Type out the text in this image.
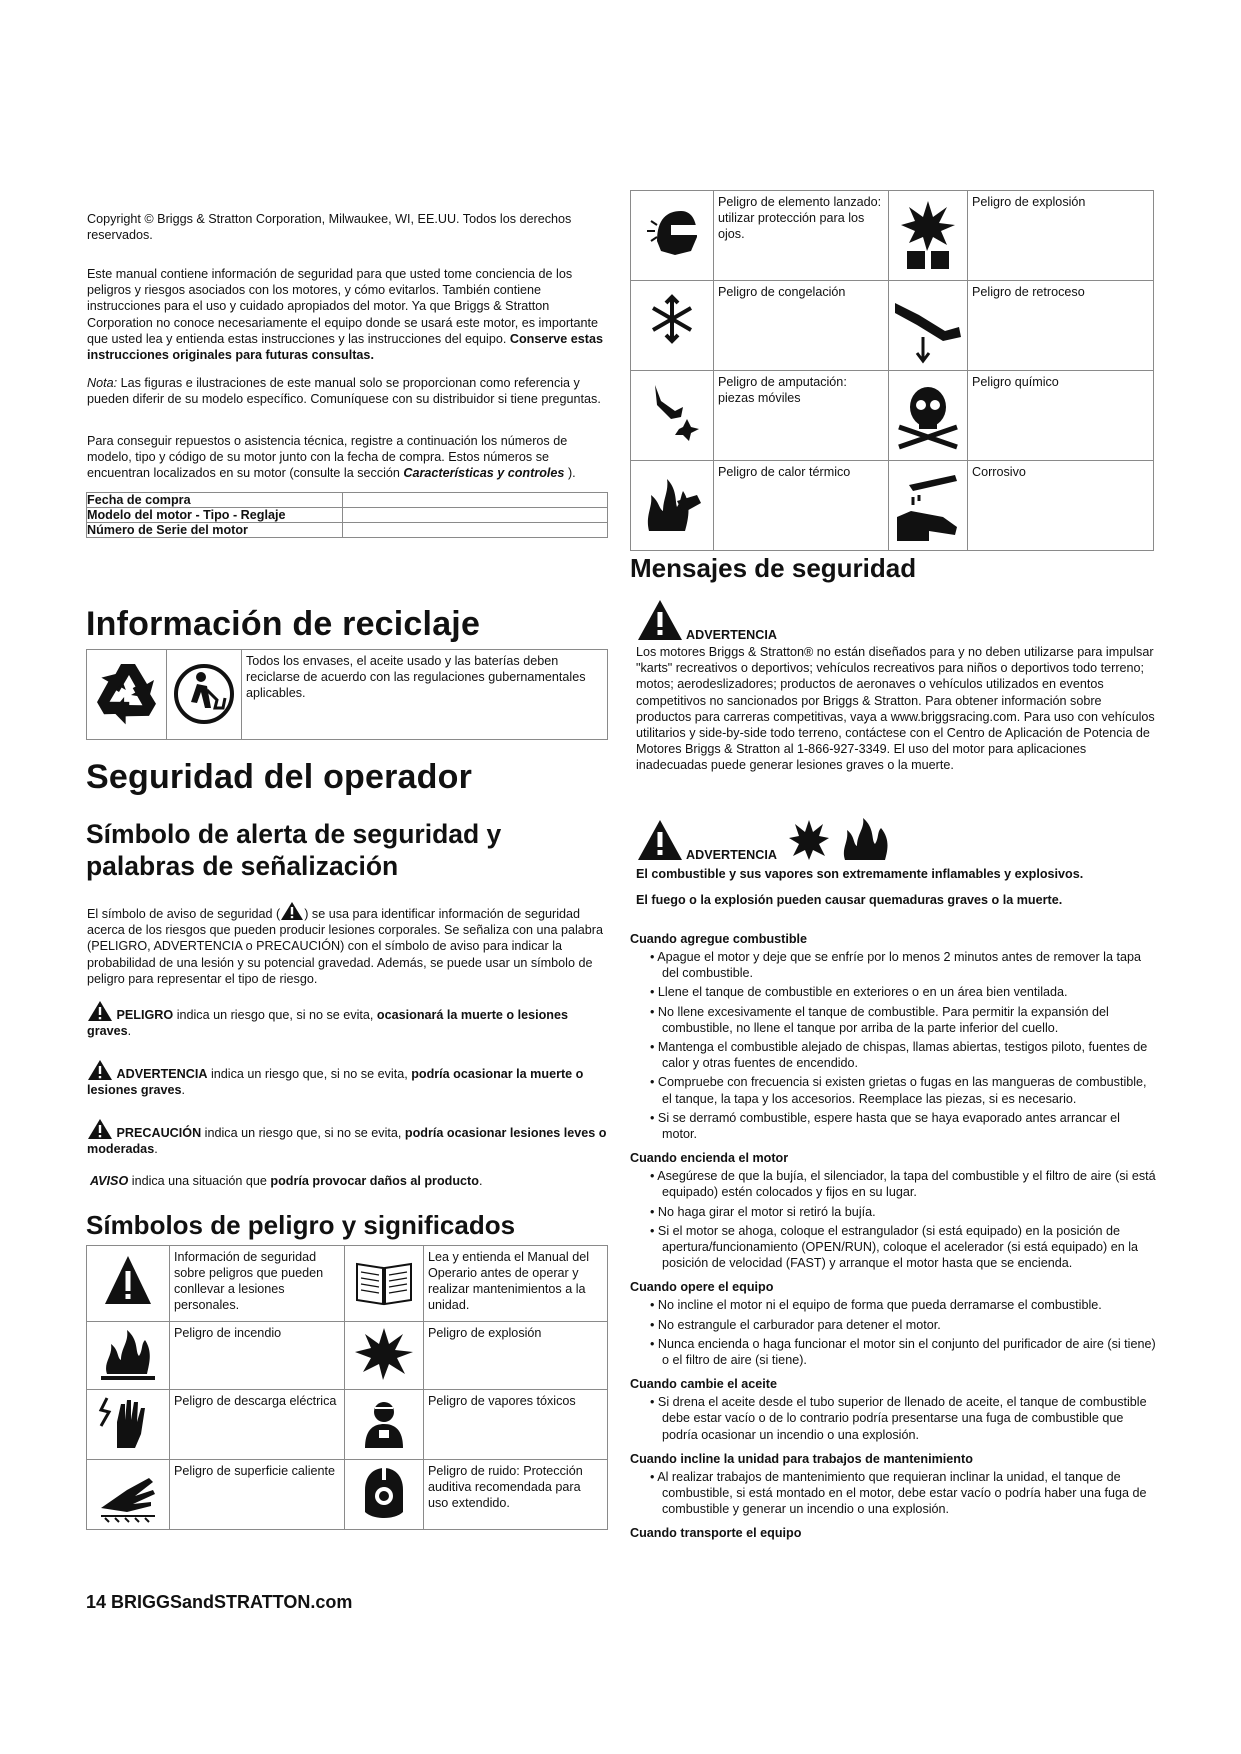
Copyright © Briggs & Stratton Corporation, Milwaukee, WI, EE.UU. Todos los derechos reservados.

Este manual contiene información de seguridad para que usted tome conciencia de los peligros y riesgos asociados con los motores, y cómo evitarlos. También contiene instrucciones para el uso y cuidado apropiados del motor. Ya que Briggs & Stratton Corporation no conoce necesariamente el equipo donde se usará este motor, es importante que usted lea y entienda estas instrucciones y las instrucciones del equipo. Conserve estas instrucciones originales para futuras consultas.

Nota: Las figuras e ilustraciones de este manual solo se proporcionan como referencia y pueden diferir de su modelo específico. Comuníquese con su distribuidor si tiene preguntas.

Para conseguir repuestos o asistencia técnica, registre a continuación los números de modelo, tipo y código de su motor junto con la fecha de compra. Estos números se encuentran localizados en su motor (consulte la sección Características y controles ).

Fecha de compra	
Modelo del motor - Tipo - Reglaje	
Número de Serie del motor	
Información de reciclaje
		Todos los envases, el aceite usado y las baterías deben reciclarse de acuerdo con las regulaciones gubernamentales aplicables.
Seguridad del operador
Símbolo de alerta de seguridad y
palabras de señalización

El símbolo de aviso de seguridad ( ) se usa para identificar información de seguridad acerca de los riesgos que pueden producir lesiones corporales. Se señaliza con una palabra (PELIGRO, ADVERTENCIA o PRECAUCIÓN) con el símbolo de aviso para indicar la probabilidad de una lesión y su potencial gravedad. Además, se puede usar un símbolo de peligro para representar el tipo de riesgo.

PELIGRO indica un riesgo que, si no se evita, ocasionará la muerte o lesiones graves.

ADVERTENCIA indica un riesgo que, si no se evita, podría ocasionar la muerte o lesiones graves.

PRECAUCIÓN indica un riesgo que, si no se evita, podría ocasionar lesiones leves o moderadas.

AVISO indica una situación que podría provocar daños al producto.

Símbolos de peligro y significados
	Información de seguridad sobre peligros que pueden conllevar a lesiones personales.		Lea y entienda el Manual del Operario antes de operar y realizar mantenimientos a la unidad.
	Peligro de incendio		Peligro de explosión
	Peligro de descarga eléctrica		Peligro de vapores tóxicos
	Peligro de superficie caliente		Peligro de ruido: Protección auditiva recomendada para uso extendido.
14 BRIGGSandSTRATTON.com
	Peligro de elemento lanzado: utilizar protección para los ojos.		Peligro de explosión
	Peligro de congelación		Peligro de retroceso
	Peligro de amputación: piezas móviles		Peligro químico
	Peligro de calor térmico		Corrosivo
Mensajes de seguridad
ADVERTENCIA

Los motores Briggs & Stratton® no están diseñados para y no deben utilizarse para impulsar "karts" recreativos o deportivos; vehículos recreativos para niños o deportivos todo terreno; motos; aerodeslizadores; productos de aeronaves o vehículos utilizados en eventos competitivos no sancionados por Briggs & Stratton. Para obtener información sobre productos para carreras competitivas, vaya a www.briggsracing.com. Para uso con vehículos utilitarios y side-by-side todo terreno, contáctese con el Centro de Aplicación de Potencia de Motores Briggs & Stratton al 1-866-927-3349. El uso del motor para aplicaciones inadecuadas puede generar lesiones graves o la muerte.

ADVERTENCIA

El combustible y sus vapores son extremamente inflamables y explosivos.

El fuego o la explosión pueden causar quemaduras graves o la muerte.

Cuando agregue combustible

• Apague el motor y deje que se enfríe por lo menos 2 minutos antes de remover la tapa del combustible.
• Llene el tanque de combustible en exteriores o en un área bien ventilada.
• No llene excesivamente el tanque de combustible. Para permitir la expansión del combustible, no llene el tanque por arriba de la parte inferior del cuello.
• Mantenga el combustible alejado de chispas, llamas abiertas, testigos piloto, fuentes de calor y otras fuentes de encendido.
• Compruebe con frecuencia si existen grietas o fugas en las mangueras de combustible, el tanque, la tapa y los accesorios. Reemplace las piezas, si es necesario.
• Si se derramó combustible, espere hasta que se haya evaporado antes arrancar el motor.

Cuando encienda el motor

• Asegúrese de que la bujía, el silenciador, la tapa del combustible y el filtro de aire (si está equipado) estén colocados y fijos en su lugar.
• No haga girar el motor si retiró la bujía.
• Si el motor se ahoga, coloque el estrangulador (si está equipado) en la posición de apertura/funcionamiento (OPEN/RUN), coloque el acelerador (si está equipado) en la posición de velocidad (FAST) y arranque el motor hasta que se encienda.

Cuando opere el equipo

• No incline el motor ni el equipo de forma que pueda derramarse el combustible.
• No estrangule el carburador para detener el motor.
• Nunca encienda o haga funcionar el motor sin el conjunto del purificador de aire (si tiene) o el filtro de aire (si tiene).

Cuando cambie el aceite

• Si drena el aceite desde el tubo superior de llenado de aceite, el tanque de combustible debe estar vacío o de lo contrario podría presentarse una fuga de combustible que podría ocasionar un incendio o una explosión.

Cuando incline la unidad para trabajos de mantenimiento

• Al realizar trabajos de mantenimiento que requieran inclinar la unidad, el tanque de combustible, si está montado en el motor, debe estar vacío o podría haber una fuga de combustible y generar un incendio o una explosión.

Cuando transporte el equipo
